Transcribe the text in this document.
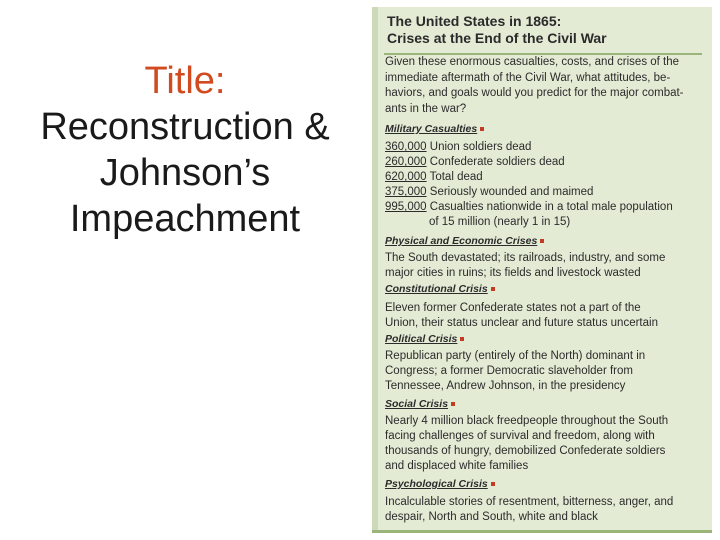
Title:
Reconstruction &
Johnson’s
Impeachment
The United States in 1865:
Crises at the End of the Civil War
Given these enormous casualties, costs, and crises of the
immediate aftermath of the Civil War, what attitudes, be-
haviors, and goals would you predict for the major combat-
ants in the war?
Military Casualties
360,000 Union soldiers dead
260,000 Confederate soldiers dead
620,000 Total dead
375,000 Seriously wounded and maimed
995,000 Casualties nationwide in a total male population
of 15 million (nearly 1 in 15)
Physical and Economic Crises
The South devastated; its railroads, industry, and some
major cities in ruins; its fields and livestock wasted
Constitutional Crisis
Eleven former Confederate states not a part of the
Union, their status unclear and future status uncertain
Political Crisis
Republican party (entirely of the North) dominant in
Congress; a former Democratic slaveholder from
Tennessee, Andrew Johnson, in the presidency
Social Crisis
Nearly 4 million black freedpeople throughout the South
facing challenges of survival and freedom, along with
thousands of hungry, demobilized Confederate soldiers
and displaced white families
Psychological Crisis
Incalculable stories of resentment, bitterness, anger, and
despair, North and South, white and black
